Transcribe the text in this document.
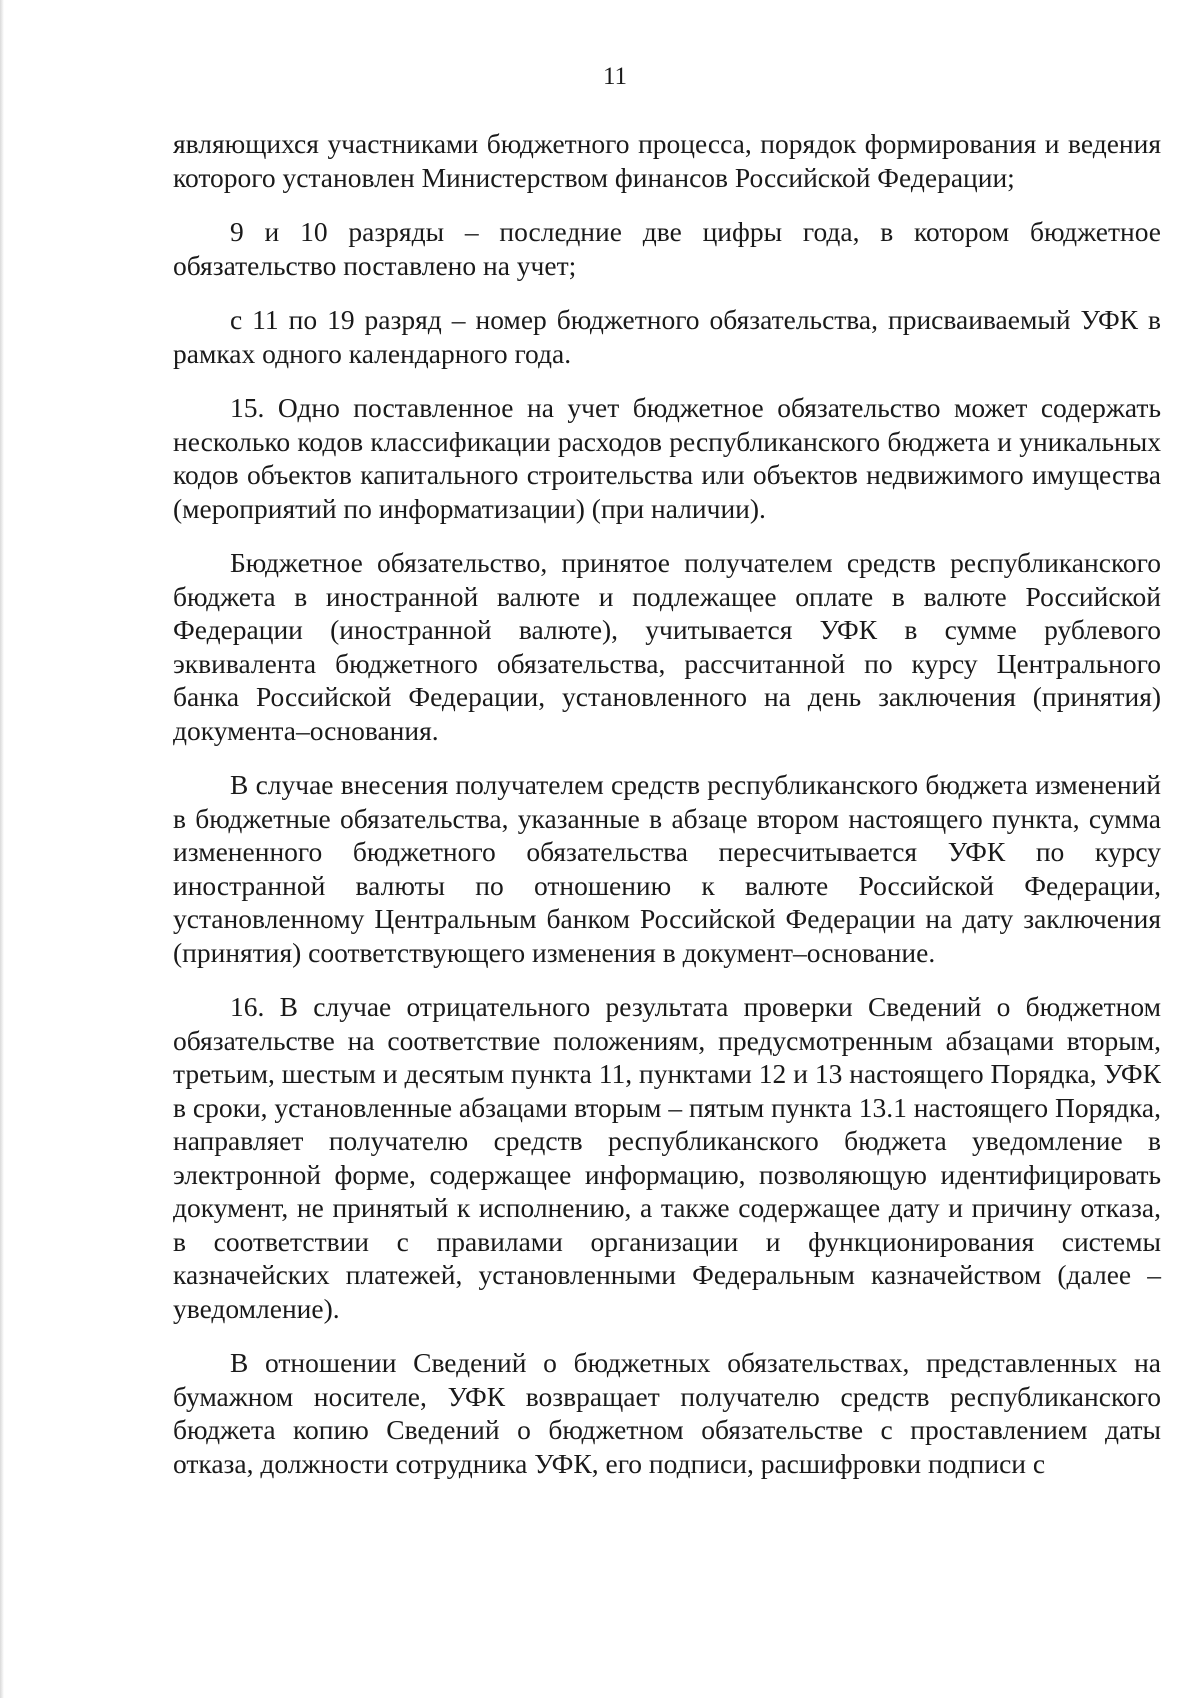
11

являющихся участниками бюджетного процесса, порядок формирования и ведения которого установлен Министерством финансов Российской Федерации;

9 и 10 разряды – последние две цифры года, в котором бюджетное обязательство поставлено на учет;

с 11 по 19 разряд – номер бюджетного обязательства, присваиваемый УФК в рамках одного календарного года.

15. Одно поставленное на учет бюджетное обязательство может содержать несколько кодов классификации расходов республиканского бюджета и уникальных кодов объектов капитального строительства или объектов недвижимого имущества (мероприятий по информатизации) (при наличии).

Бюджетное обязательство, принятое получателем средств республиканского бюджета в иностранной валюте и подлежащее оплате в валюте Российской Федерации (иностранной валюте), учитывается УФК в сумме рублевого эквивалента бюджетного обязательства, рассчитанной по курсу Центрального банка Российской Федерации, установленного на день заключения (принятия) документа–основания.

В случае внесения получателем средств республиканского бюджета изменений в бюджетные обязательства, указанные в абзаце втором настоящего пункта, сумма измененного бюджетного обязательства пересчитывается УФК по курсу иностранной валюты по отношению к валюте Российской Федерации, установленному Центральным банком Российской Федерации на дату заключения (принятия) соответствующего изменения в документ–основание.

16. В случае отрицательного результата проверки Сведений о бюджетном обязательстве на соответствие положениям, предусмотренным абзацами вторым, третьим, шестым и десятым пункта 11, пунктами 12 и 13 настоящего Порядка, УФК в сроки, установленные абзацами вторым – пятым пункта 13.1 настоящего Порядка, направляет получателю средств республиканского бюджета уведомление в электронной форме, содержащее информацию, позволяющую идентифицировать документ, не принятый к исполнению, а также содержащее дату и причину отказа, в соответствии с правилами организации и функционирования системы казначейских платежей, установленными Федеральным казначейством (далее – уведомление).

В отношении Сведений о бюджетных обязательствах, представленных на бумажном носителе, УФК возвращает получателю средств республиканского бюджета копию Сведений о бюджетном обязательстве с проставлением даты отказа, должности сотрудника УФК, его подписи, расшифровки подписи с
